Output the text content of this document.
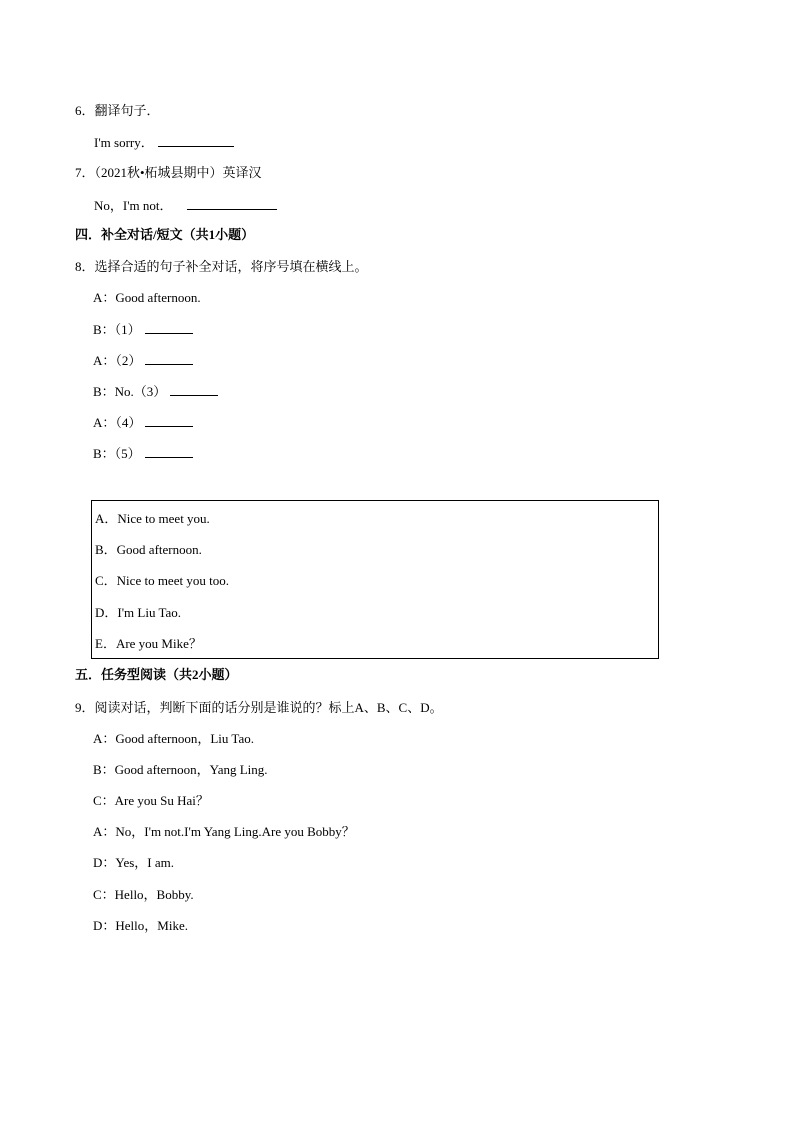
6．翻译句子．
I'm sorry．
7．（2021秋•柘城县期中）英译汉
No，I'm not．
四．补全对话/短文（共1小题）
8．选择合适的句子补全对话，将序号填在横线上。
A：Good afternoon.
B：（1）
A：（2）
B：No.（3）
A：（4）
B：（5）
A．Nice to meet you.
B．Good afternoon.
C．Nice to meet you too.
D．I'm Liu Tao.
E．Are you Mike？
五．任务型阅读（共2小题）
9．阅读对话，判断下面的话分别是谁说的？标上A、B、C、D。
A：Good afternoon，Liu Tao.
B：Good afternoon，Yang Ling.
C：Are you Su Hai？
A：No，I'm not.I'm Yang Ling.Are you Bobby？
D：Yes，I am.
C：Hello，Bobby.
D：Hello，Mike.
